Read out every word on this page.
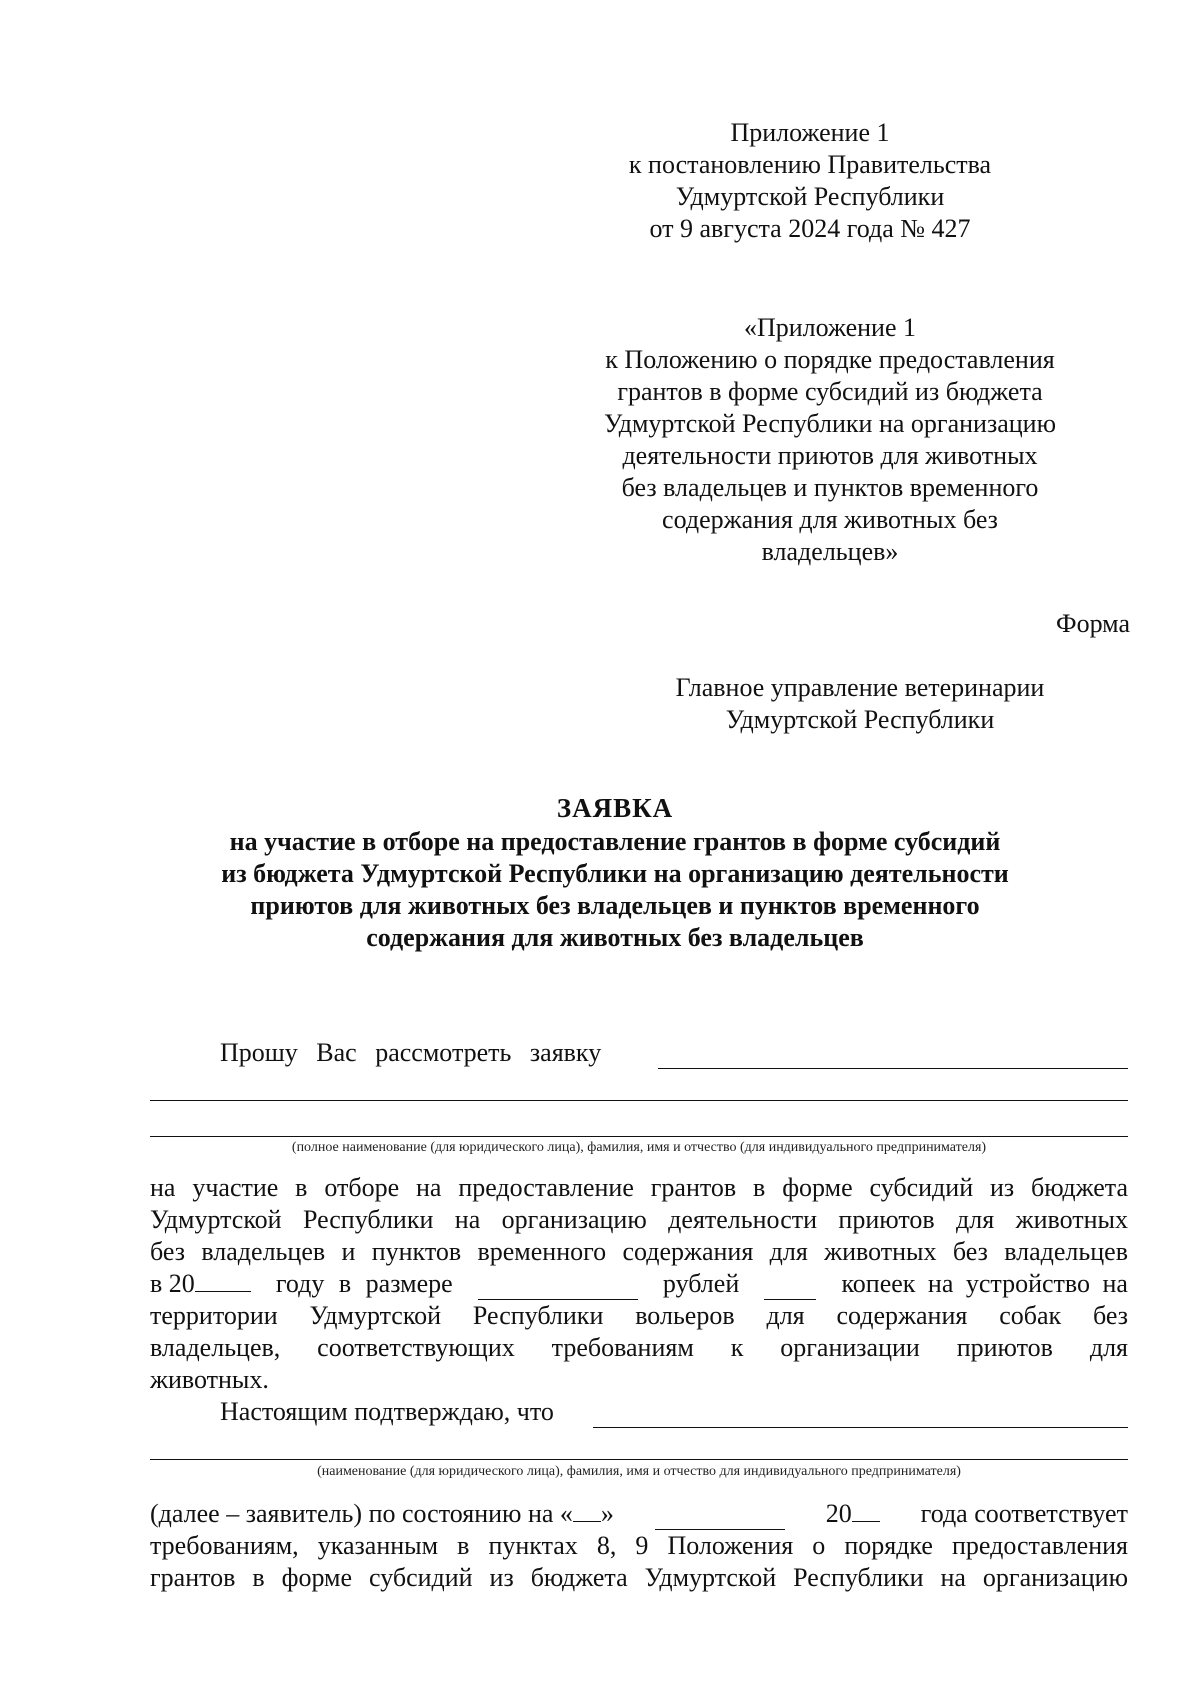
Приложение 1
к постановлению Правительства
Удмуртской Республики
от 9 августа 2024 года № 427
«Приложение 1
к Положению о порядке предоставления
грантов в форме субсидий из бюджета
Удмуртской Республики на организацию
деятельности приютов для животных
без владельцев и пунктов временного
содержания для животных без
владельцев»
Форма
Главное управление ветеринарии
Удмуртской Республики
ЗАЯВКА
на участие в отборе на предоставление грантов в форме субсидий
из бюджета Удмуртской Республики на организацию деятельности
приютов для животных без владельцев и пунктов временного
содержания для животных без владельцев
Прошу Вас рассмотреть заявку
(полное наименование (для юридического лица), фамилия, имя и отчество (для индивидуального предпринимателя)
на участие в отборе на предоставление грантов в форме субсидий из бюджета
Удмуртской Республики на организацию деятельности приютов для животных
без владельцев и пунктов временного содержания для животных без владельцев
в 20	году в размере	рублей	копеек на устройство на
территории Удмуртской Республики вольеров для содержания собак без
владельцев, соответствующих требованиям к организации приютов для
животных.
Настоящим подтверждаю, что
(наименование (для юридического лица), фамилия, имя и отчество для индивидуального предпринимателя)
(далее – заявитель) по состоянию на « »	20	года соответствует
требованиям, указанным в пунктах 8, 9 Положения о порядке предоставления
грантов в форме субсидий из бюджета Удмуртской Республики на организацию
